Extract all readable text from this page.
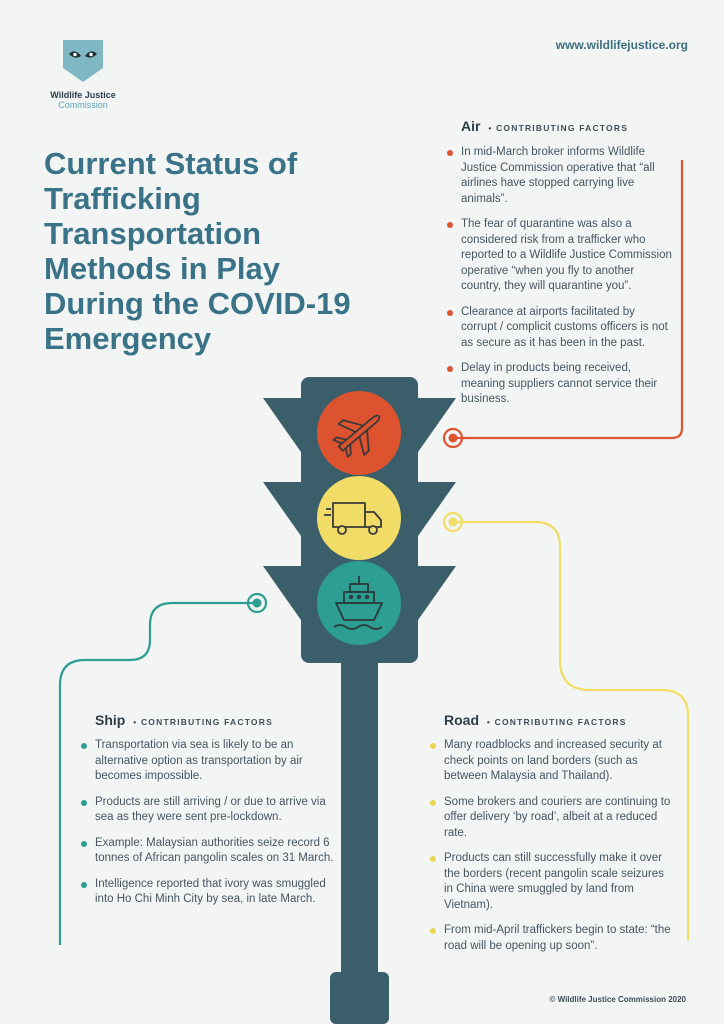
Wildlife Justice
Commission
www.wildlifejustice.org
Current Status of Trafficking Transportation Methods in Play During the COVID-19 Emergency
Air • CONTRIBUTING FACTORS
In mid-March broker informs Wildlife Justice Commission operative that “all airlines have stopped carrying live animals”.
The fear of quarantine was also a considered risk from a trafficker who reported to a Wildlife Justice Commission operative “when you fly to another country, they will quarantine you”.
Clearance at airports facilitated by corrupt / complicit customs officers is not as secure as it has been in the past.
Delay in products being received, meaning suppliers cannot service their business.
Ship • CONTRIBUTING FACTORS
Transportation via sea is likely to be an alternative option as transportation by air becomes impossible.
Products are still arriving / or due to arrive via sea as they were sent pre-lockdown.
Example: Malaysian authorities seize record 6 tonnes of African pangolin scales on 31 March.
Intelligence reported that ivory was smuggled into Ho Chi Minh City by sea, in late March.
Road • CONTRIBUTING FACTORS
Many roadblocks and increased security at check points on land borders (such as between Malaysia and Thailand).
Some brokers and couriers are continuing to offer delivery ‘by road’, albeit at a reduced rate.
Products can still successfully make it over the borders (recent pangolin scale seizures in China were smuggled by land from Vietnam).
From mid-April traffickers begin to state: “the road will be opening up soon”.
© Wildlife Justice Commission 2020
